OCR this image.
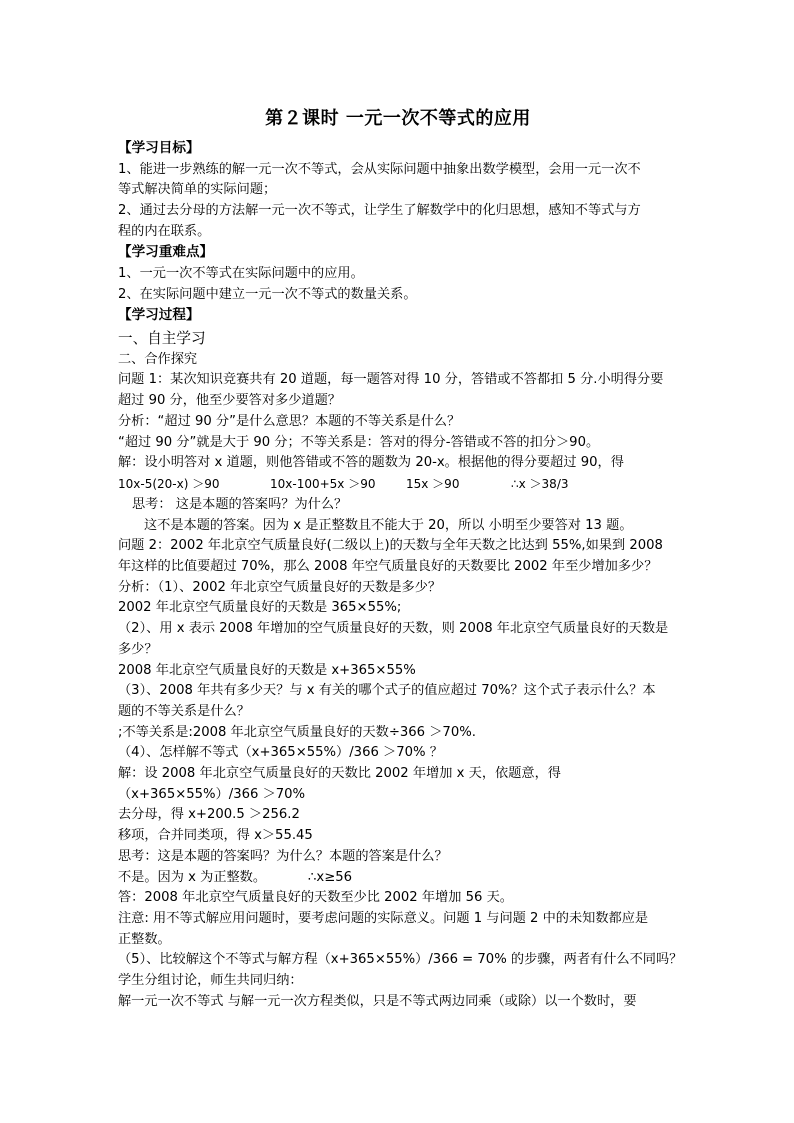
第２课时 一元一次不等式的应用
【学习目标】
1、能进一步熟练的解一元一次不等式，会从实际问题中抽象出数学模型，会用一元一次不
等式解决简单的实际问题；
2、通过去分母的方法解一元一次不等式，让学生了解数学中的化归思想，感知不等式与方
程的内在联系。
【学习重难点】
1、一元一次不等式在实际问题中的应用。
2、在实际问题中建立一元一次不等式的数量关系。
【学习过程】
一、自主学习
二、合作探究
问题 1：某次知识竞赛共有 20 道题，每一题答对得 10 分，答错或不答都扣 5 分.小明得分要
超过 90 分，他至少要答对多少道题？
分析：“超过 90 分”是什么意思？本题的不等关系是什么？
“超过 90 分”就是大于 90 分；不等关系是：答对的得分-答错或不答的扣分＞90。
解：设小明答对 x 道题，则他答错或不答的题数为 20-x。根据他的得分要超过 90，得
10x-5(20-x) ＞90	10x-100+5x ＞90	15x ＞90	∴x ＞38/3
思考： 这是本题的答案吗？为什么？
这不是本题的答案。因为 x 是正整数且不能大于 20，所以 小明至少要答对 13 题。
问题 2：2002 年北京空气质量良好(二级以上)的天数与全年天数之比达到 55%,如果到 2008
年这样的比值要超过 70%，那么 2008 年空气质量良好的天数要比 2002 年至少增加多少？
分析：（1）、2002 年北京空气质量良好的天数是多少？
2002 年北京空气质量良好的天数是 365×55%;
（2）、用 x 表示 2008 年增加的空气质量良好的天数，则 2008 年北京空气质量良好的天数是
多少？
2008 年北京空气质量良好的天数是 x+365×55%
（3）、2008 年共有多少天？与 x 有关的哪个式子的值应超过 70%？这个式子表示什么？本
题的不等关系是什么？
;不等关系是:2008 年北京空气质量良好的天数÷366 ＞70%.
（4）、怎样解不等式（x+365×55%）/366 ＞70% ？
解：设 2008 年北京空气质量良好的天数比 2002 年增加 x 天，依题意，得
（x+365×55%）/366 ＞70%
去分母，得 x+200.5 ＞256.2
移项，合并同类项，得 x＞55.45
思考：这是本题的答案吗？为什么？本题的答案是什么？
不是。因为 x 为正整数。	∴x≥56
答：2008 年北京空气质量良好的天数至少比 2002 年增加 56 天。
注意: 用不等式解应用问题时，要考虑问题的实际意义。问题 1 与问题 2 中的未知数都应是
正整数。
（5）、比较解这个不等式与解方程（x+365×55%）/366 = 70% 的步骤，两者有什么不同吗？
学生分组讨论，师生共同归纳：
解一元一次不等式 与解一元一次方程类似，只是不等式两边同乘（或除）以一个数时，要
